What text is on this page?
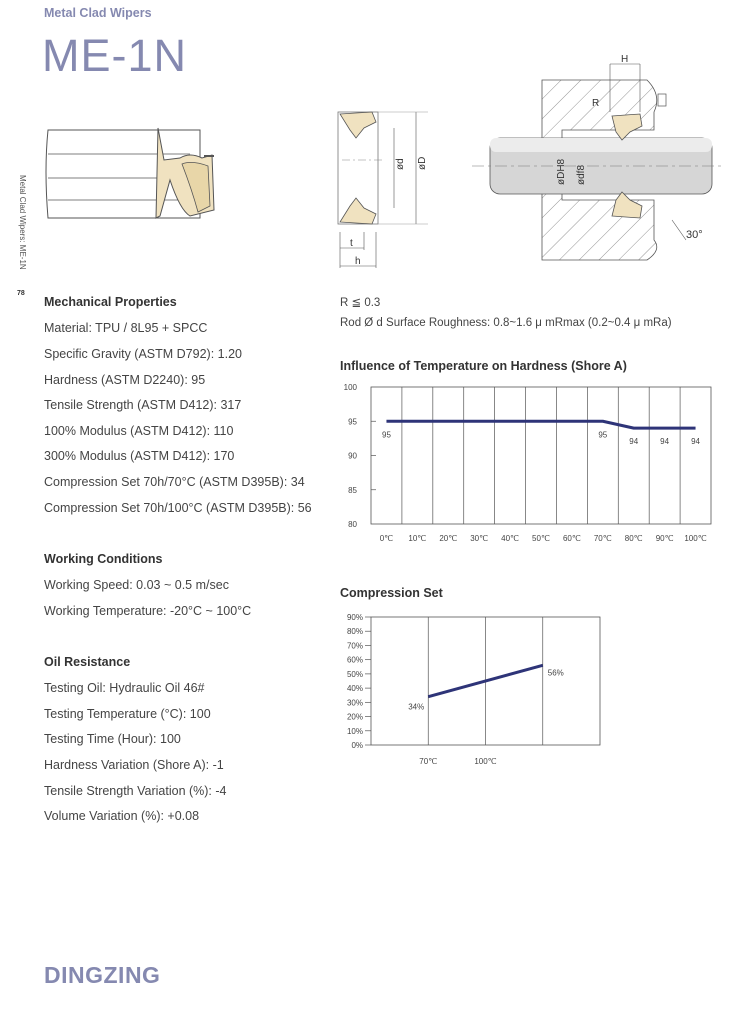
Metal Clad Wipers
ME-1N
Metal Clad Wipers: ME-1N
78
ød øD
t
h
H
R
øDH8 ødf8
30°
Mechanical Properties
Material: TPU / 8L95 + SPCC
Specific Gravity (ASTM D792): 1.20
Hardness (ASTM D2240): 95
Tensile Strength (ASTM D412): 317
100% Modulus (ASTM D412): 110
300% Modulus (ASTM D412): 170
Compression Set 70h/70°C (ASTM D395B): 34
Compression Set 70h/100°C (ASTM D395B): 56
Working Conditions
Working Speed: 0.03 ~ 0.5 m/sec
Working Temperature: -20°C ~ 100°C
Oil Resistance
Testing Oil: Hydraulic Oil 46#
Testing Temperature (°C): 100
Testing Time (Hour): 100
Hardness Variation (Shore A): -1
Tensile Strength Variation (%): -4
Volume Variation (%): +0.08
R ≦ 0.3
Rod Ø d Surface Roughness: 0.8~1.6 μ mRmax (0.2~0.4 μ mRa)
Influence of Temperature on Hardness (Shore A)
100
95
90
85
80
0℃ 10℃ 20℃ 30℃ 40℃ 50℃ 60℃ 70℃ 80℃ 90℃ 100℃
95	95
94	94	94
Compression Set
90%
80%
70%
60%
50%
40%
30%
20%
10%
0%
70℃	100℃
34%
56%
DINGZING
